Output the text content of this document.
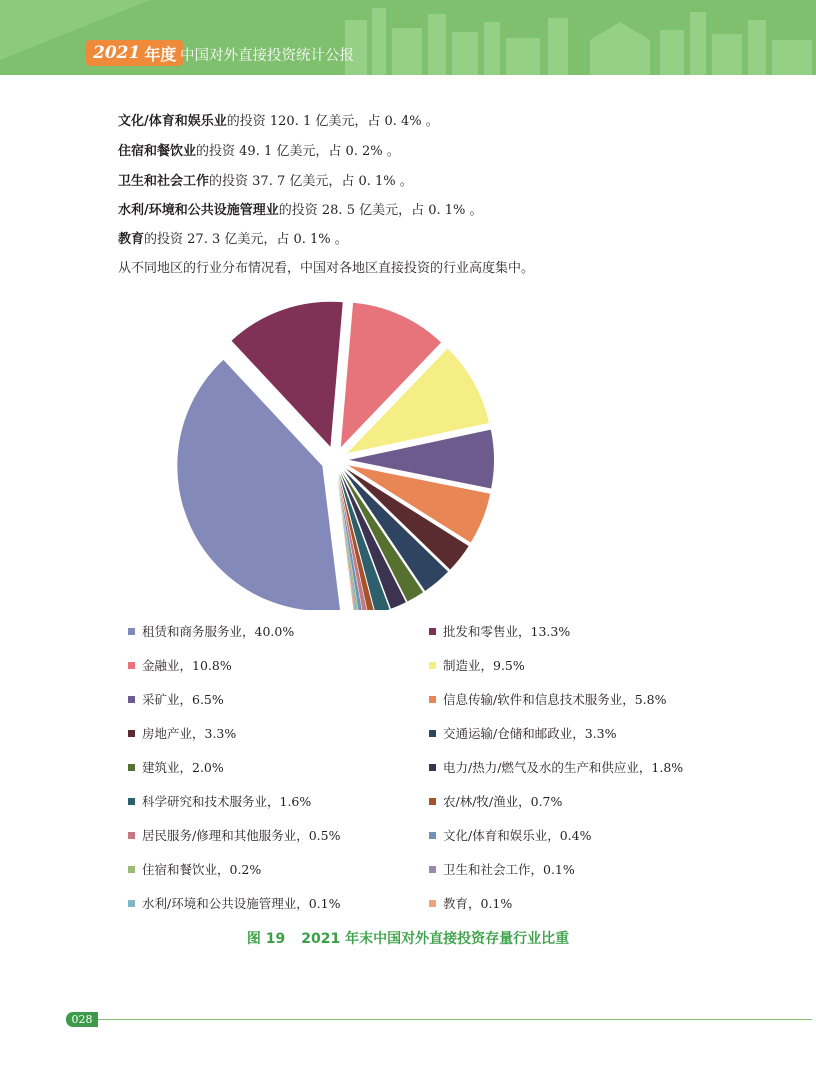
2021 年度 中国对外直接投资统计公报
文化/体育和娱乐业的投资 120. 1 亿美元，占 0. 4% 。
住宿和餐饮业的投资 49. 1 亿美元，占 0. 2% 。
卫生和社会工作的投资 37. 7 亿美元，占 0. 1% 。
水利/环境和公共设施管理业的投资 28. 5 亿美元，占 0. 1% 。
教育的投资 27. 3 亿美元，占 0. 1% 。
从不同地区的行业分布情况看，中国对各地区直接投资的行业高度集中。
租赁和商务服务业，40.0%	批发和零售业，13.3%
金融业，10.8%	制造业，9.5%
采矿业，6.5%	信息传输/软件和信息技术服务业，5.8%
房地产业，3.3%	交通运输/仓储和邮政业，3.3%
建筑业，2.0%	电力/热力/燃气及水的生产和供应业，1.8%
科学研究和技术服务业，1.6%	农/林/牧/渔业，0.7%
居民服务/修理和其他服务业，0.5%	文化/体育和娱乐业，0.4%
住宿和餐饮业，0.2%	卫生和社会工作，0.1%
水利/环境和公共设施管理业，0.1%	教育，0.1%
图 19 2021 年末中国对外直接投资存量行业比重
028
